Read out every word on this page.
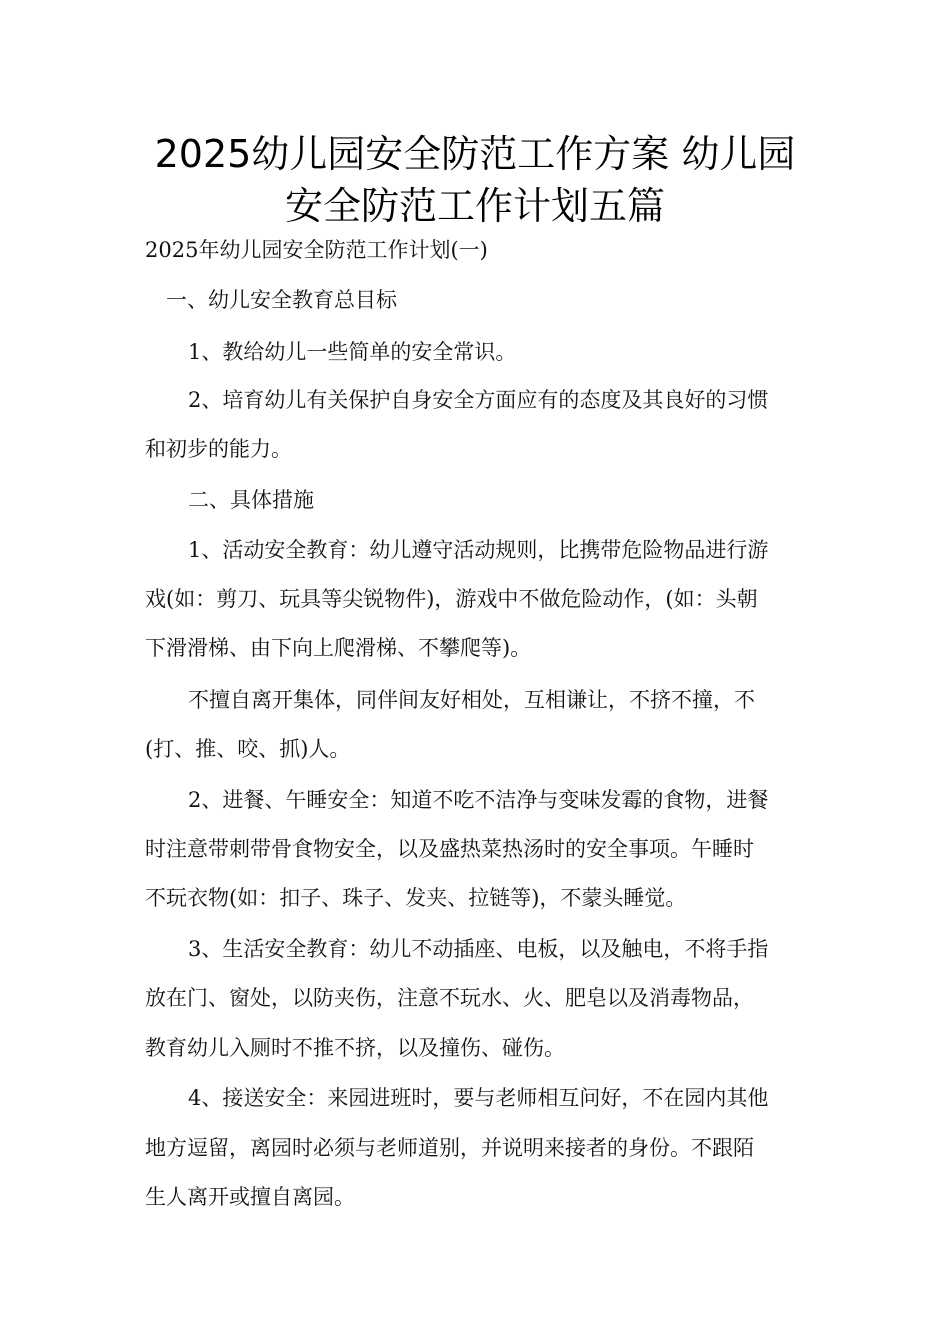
2025幼儿园安全防范工作方案 幼儿园
安全防范工作计划五篇
2025年幼儿园安全防范工作计划(一)
一、幼儿安全教育总目标
1、教给幼儿一些简单的安全常识。
2、培育幼儿有关保护自身安全方面应有的态度及其良好的习惯
和初步的能力。
二、具体措施
1、活动安全教育：幼儿遵守活动规则，比携带危险物品进行游
戏(如：剪刀、玩具等尖锐物件)，游戏中不做危险动作，(如：头朝
下滑滑梯、由下向上爬滑梯、不攀爬等)。
不擅自离开集体，同伴间友好相处，互相谦让，不挤不撞，不
(打、推、咬、抓)人。
2、进餐、午睡安全：知道不吃不洁净与变味发霉的食物，进餐
时注意带刺带骨食物安全，以及盛热菜热汤时的安全事项。午睡时
不玩衣物(如：扣子、珠子、发夹、拉链等)，不蒙头睡觉。
3、生活安全教育：幼儿不动插座、电板，以及触电，不将手指
放在门、窗处，以防夹伤，注意不玩水、火、肥皂以及消毒物品，
教育幼儿入厕时不推不挤，以及撞伤、碰伤。
4、接送安全：来园进班时，要与老师相互问好，不在园内其他
地方逗留，离园时必须与老师道别，并说明来接者的身份。不跟陌
生人离开或擅自离园。
